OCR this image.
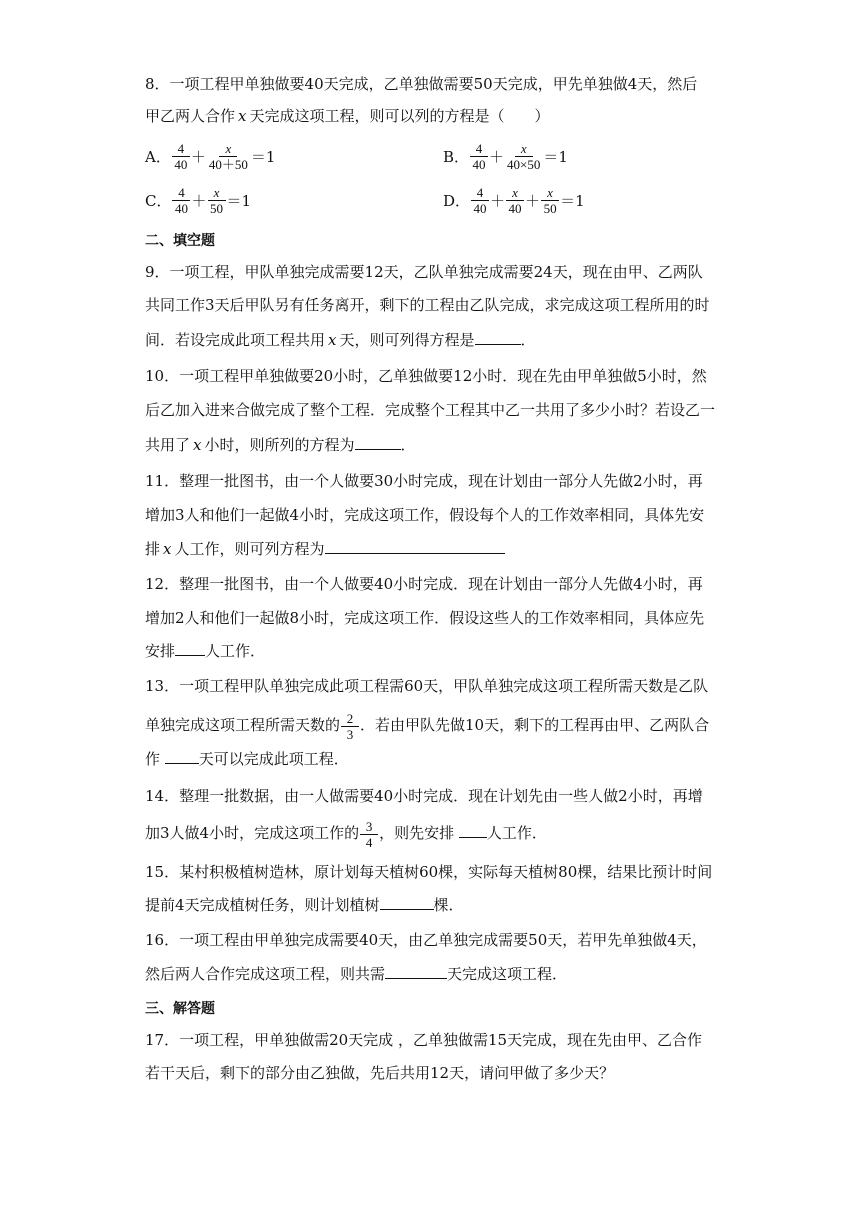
8．一项工程甲单独做要40天完成，乙单独做需要50天完成，甲先单独做4天，然后
甲乙两人合作 x 天完成这项工程，则可以列的方程是（　　）
A． $\frac{4}{40} + \frac{x}{40+50} =1$	B． $\frac{4}{40} + \frac{x}{40\times 50} =1$
C． $\frac{4}{40} + \frac{x}{50} =1$	D． $\frac{4}{40} + \frac{x}{40} + \frac{x}{50} =1$
二、填空题
9．一项工程，甲队单独完成需要12天，乙队单独完成需要24天，现在由甲、乙两队
共同工作3天后甲队另有任务离开，剩下的工程由乙队完成，求完成这项工程所用的时
间．若设完成此项工程共用 x 天，则可列得方程是	．
10．一项工程甲单独做要20小时，乙单独做要12小时．现在先由甲单独做5小时，然
后乙加入进来合做完成了整个工程．完成整个工程其中乙一共用了多少小时？若设乙一
共用了 x 小时，则所列的方程为	．
11．整理一批图书，由一个人做要30小时完成，现在计划由一部分人先做2小时，再
增加3人和他们一起做4小时，完成这项工作，假设每个人的工作效率相同，具体先安
排 x 人工作，则可列方程为
12．整理一批图书，由一个人做要40小时完成．现在计划由一部分人先做4小时，再
增加2人和他们一起做8小时，完成这项工作．假设这些人的工作效率相同，具体应先
安排 人工作．
13．一项工程甲队单独完成此项工程需60天，甲队单独完成这项工程所需天数是乙队
单独完成这项工程所需天数的 $\frac{2}{3}$ ．若由甲队先做10天，剩下的工程再由甲、乙两队合
作 天可以完成此项工程．
14．整理一批数据，由一人做需要40小时完成．现在计划先由一些人做2小时，再增
加3人做4小时，完成这项工作的 $\frac{3}{4}$ ，则先安排 人工作．
15．某村积极植树造林，原计划每天植树60棵，实际每天植树80棵，结果比预计时间
提前4天完成植树任务，则计划植树	棵．
16．一项工程由甲单独完成需要40天，由乙单独完成需要50天，若甲先单独做4天，
然后两人合作完成这项工程，则共需	天完成这项工程．
三、解答题
17．一项工程，甲单独做需20天完成 ，乙单独做需15天完成，现在先由甲、乙合作
若干天后，剩下的部分由乙独做，先后共用12天，请问甲做了多少天？
